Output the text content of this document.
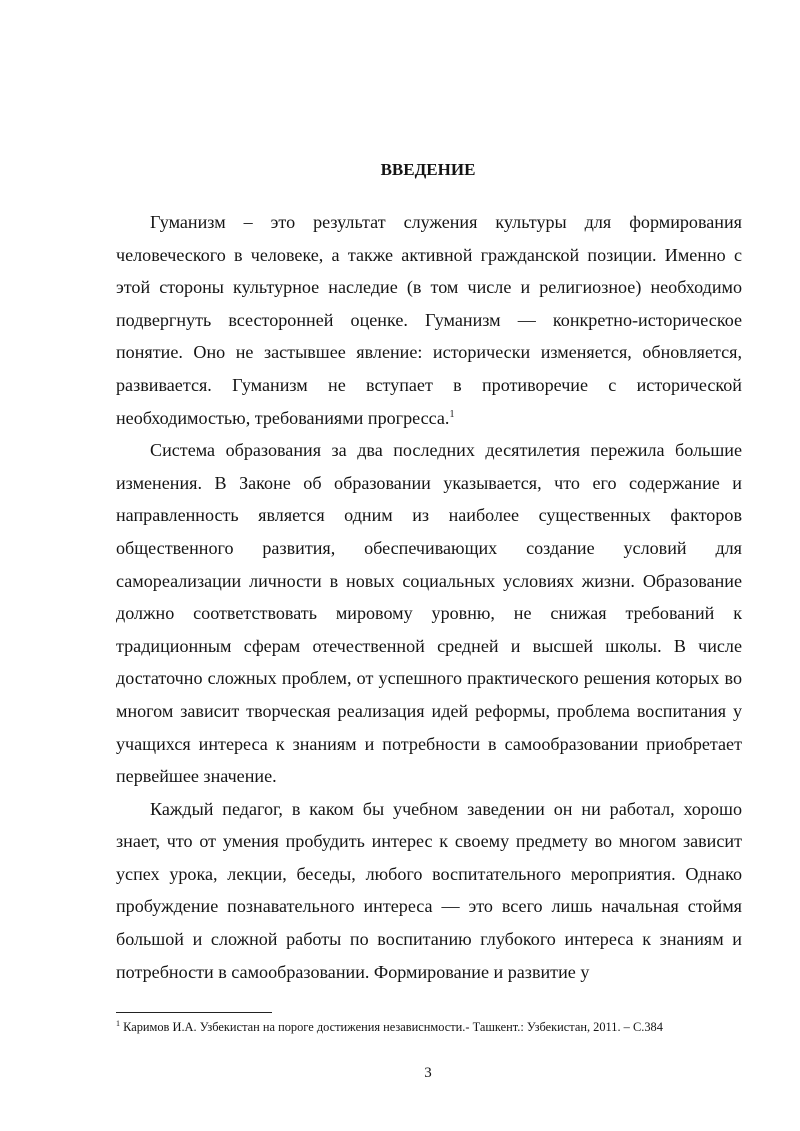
ВВЕДЕНИЕ

Гуманизм – это результат служения культуры для формирования человеческого в человеке, а также активной гражданской позиции. Именно с этой стороны культурное наследие (в том числе и религиозное) необходимо подвергнуть всесторонней оценке. Гуманизм — конкретно-историческое понятие. Оно не застывшее явление: исторически изменяется, обновляется, развивается. Гуманизм не вступает в противоречие с исторической необходимостью, требованиями прогресса.$^1$

Система образования за два последних десятилетия пережила большие изменения. В Законе об образовании указывается, что его содержание и направленность является одним из наиболее существенных факторов общественного развития, обеспечивающих создание условий для самореализации личности в новых социальных условиях жизни. Образование должно соответствовать мировому уровню, не снижая требований к традиционным сферам отечественной средней и высшей школы. В числе достаточно сложных проблем, от успешного практического решения которых во многом зависит творческая реализация идей реформы, проблема воспитания у учащихся интереса к знаниям и потребности в самообразовании приобретает первейшее значение.

Каждый педагог, в каком бы учебном заведении он ни работал, хорошо знает, что от умения пробудить интерес к своему предмету во многом зависит успех урока, лекции, беседы, любого воспитательного мероприятия. Однако пробуждение познавательного интереса — это всего лишь начальная стоймя большой и сложной работы по воспитанию глубокого интереса к знаниям и потребности в самообразовании. Формирование и развитие у

$^1$ Каримов И.А. Узбекистан на пороге достижения независнмости.- Ташкент.: Узбекистан, 2011. – С.384
3
